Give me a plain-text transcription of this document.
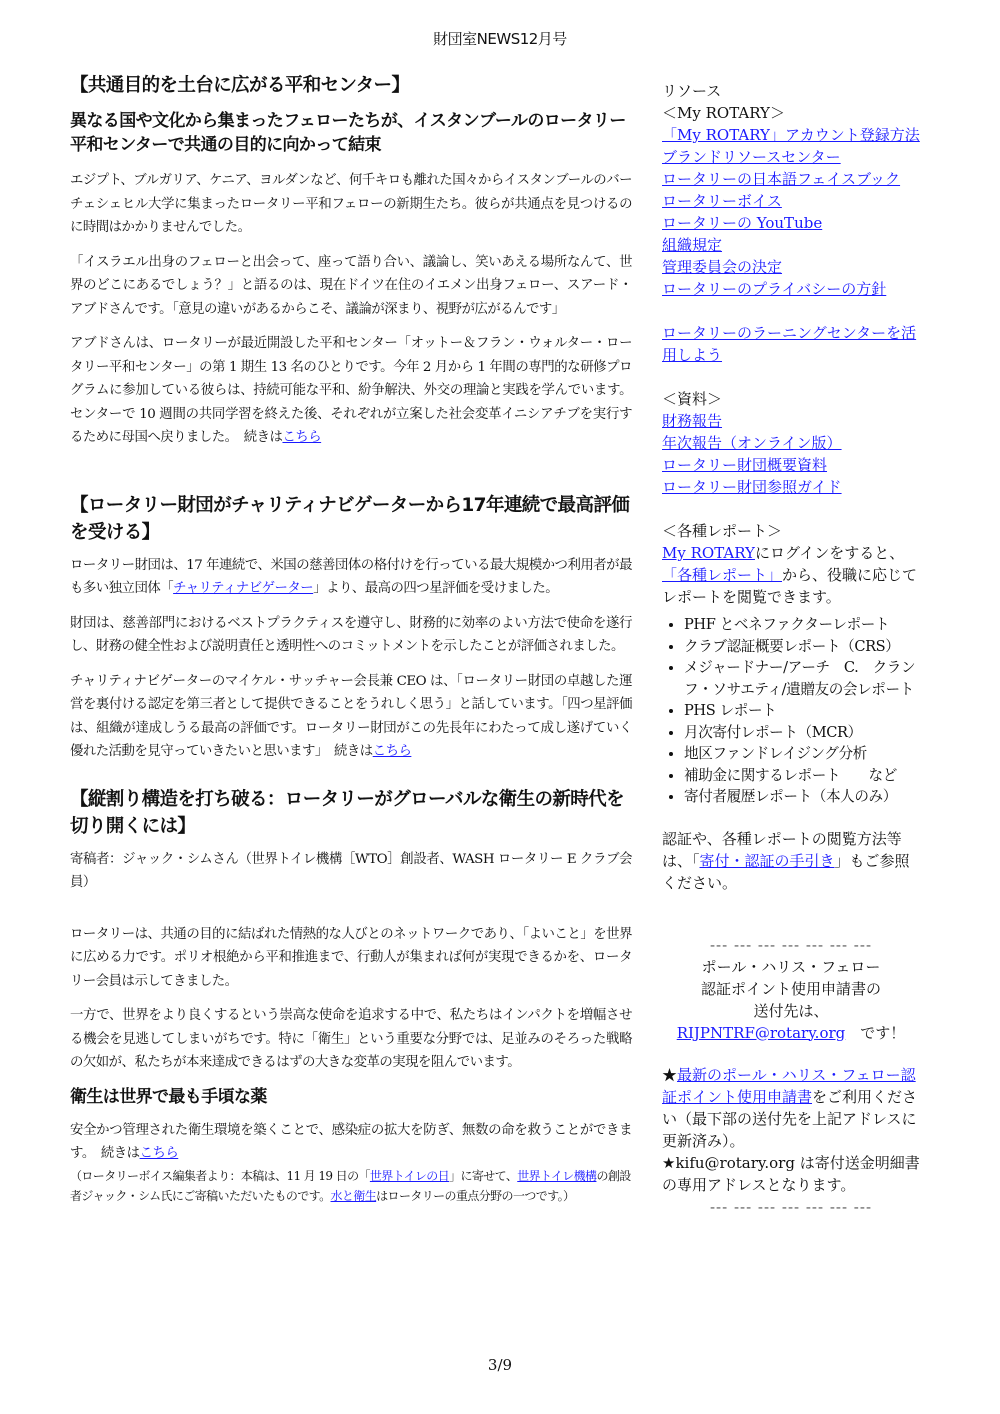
財団室NEWS12月号
【共通目的を土台に広がる平和センター】
異なる国や文化から集まったフェローたちが、イスタンブールのロータリー平和センターで共通の目的に向かって結束

エジプト、ブルガリア、ケニア、ヨルダンなど、何千キロも離れた国々からイスタンブールのバーチェシェヒル大学に集まったロータリー平和フェローの新期生たち。彼らが共通点を見つけるのに時間はかかりませんでした。

「イスラエル出身のフェローと出会って、座って語り合い、議論し、笑いあえる場所なんて、世界のどこにあるでしょう？」と語るのは、現在ドイツ在住のイエメン出身フェロー、スアード・アブドさんです。「意見の違いがあるからこそ、議論が深まり、視野が広がるんです」

アブドさんは、ロータリーが最近開設した平和センター「オットー＆フラン・ウォルター・ロータリー平和センター」の第 1 期生 13 名のひとりです。今年 2 月から 1 年間の専門的な研修プログラムに参加している彼らは、持続可能な平和、紛争解決、外交の理論と実践を学んでいます。センターで 10 週間の共同学習を終えた後、それぞれが立案した社会変革イニシアチブを実行するために母国へ戻りました。　続きはこちら

【ロータリー財団がチャリティナビゲーターから17年連続で最高評価を受ける】

ロータリー財団は、17 年連続で、米国の慈善団体の格付けを行っている最大規模かつ利用者が最も多い独立団体「チャリティナビゲーター」より、最高の四つ星評価を受けました。

財団は、慈善部門におけるベストプラクティスを遵守し、財務的に効率のよい方法で使命を遂行し、財務の健全性および説明責任と透明性へのコミットメントを示したことが評価されました。

チャリティナビゲーターのマイケル・サッチャー会長兼 CEO は、「ロータリー財団の卓越した運営を裏付ける認定を第三者として提供できることをうれしく思う」と話しています。「四つ星評価は、組織が達成しうる最高の評価です。ロータリー財団がこの先長年にわたって成し遂げていく優れた活動を見守っていきたいと思います」　続きはこちら

【縦割り構造を打ち破る：ロータリーがグローバルな衛生の新時代を切り開くには】

寄稿者：ジャック・シムさん（世界トイレ機構［WTO］創設者、WASH ロータリー E クラブ会員）

ロータリーは、共通の目的に結ばれた情熱的な人びとのネットワークであり、「よいこと」を世界に広める力です。ポリオ根絶から平和推進まで、行動人が集まれば何が実現できるかを、ロータリー会員は示してきました。

一方で、世界をより良くするという崇高な使命を追求する中で、私たちはインパクトを増幅させる機会を見逃してしまいがちです。特に「衛生」という重要な分野では、足並みのそろった戦略の欠如が、私たちが本来達成できるはずの大きな変革の実現を阻んでいます。

衛生は世界で最も手頃な薬

安全かつ管理された衛生環境を築くことで、感染症の拡大を防ぎ、無数の命を救うことができます。　続きはこちら

（ロータリーボイス編集者より：本稿は、11 月 19 日の「世界トイレの日」に寄せて、世界トイレ機構の創設者ジャック・シム氏にご寄稿いただいたものです。水と衛生はロータリーの重点分野の一つです。）

リソース
＜My ROTARY＞
「My ROTARY」アカウント登録方法
ブランドリソースセンター
ロータリーの日本語フェイスブック
ロータリーボイス
ロータリーの YouTube
組織規定
管理委員会の決定
ロータリーのプライバシーの方針
ロータリーのラーニングセンターを活用しよう
＜資料＞
財務報告
年次報告（オンライン版）
ロータリー財団概要資料
ロータリー財団参照ガイド
＜各種レポート＞
My ROTARYにログインをすると、「各種レポート」から、役職に応じてレポートを閲覧できます。
• PHF とベネファクターレポート
• クラブ認証概要レポート（CRS）
• メジャードナー/アーチ　C.　クランフ・ソサエティ/遺贈友の会レポート
• PHS レポート
• 月次寄付レポート（MCR）
• 地区ファンドレイジング分析
• 補助金に関するレポート　　など
• 寄付者履歴レポート（本人のみ）
認証や、各種レポートの閲覧方法等は、「寄付・認証の手引き」もご参照ください。
--- --- --- --- --- --- ---
ポール・ハリス・フェロー
認証ポイント使用申請書の
送付先は、
RIJPNTRF@rotary.org　です！
★最新のポール・ハリス・フェロー認証ポイント使用申請書をご利用ください（最下部の送付先を上記アドレスに更新済み）。
★kifu@rotary.org は寄付送金明細書の専用アドレスとなります。
--- --- --- --- --- --- ---
3/9
